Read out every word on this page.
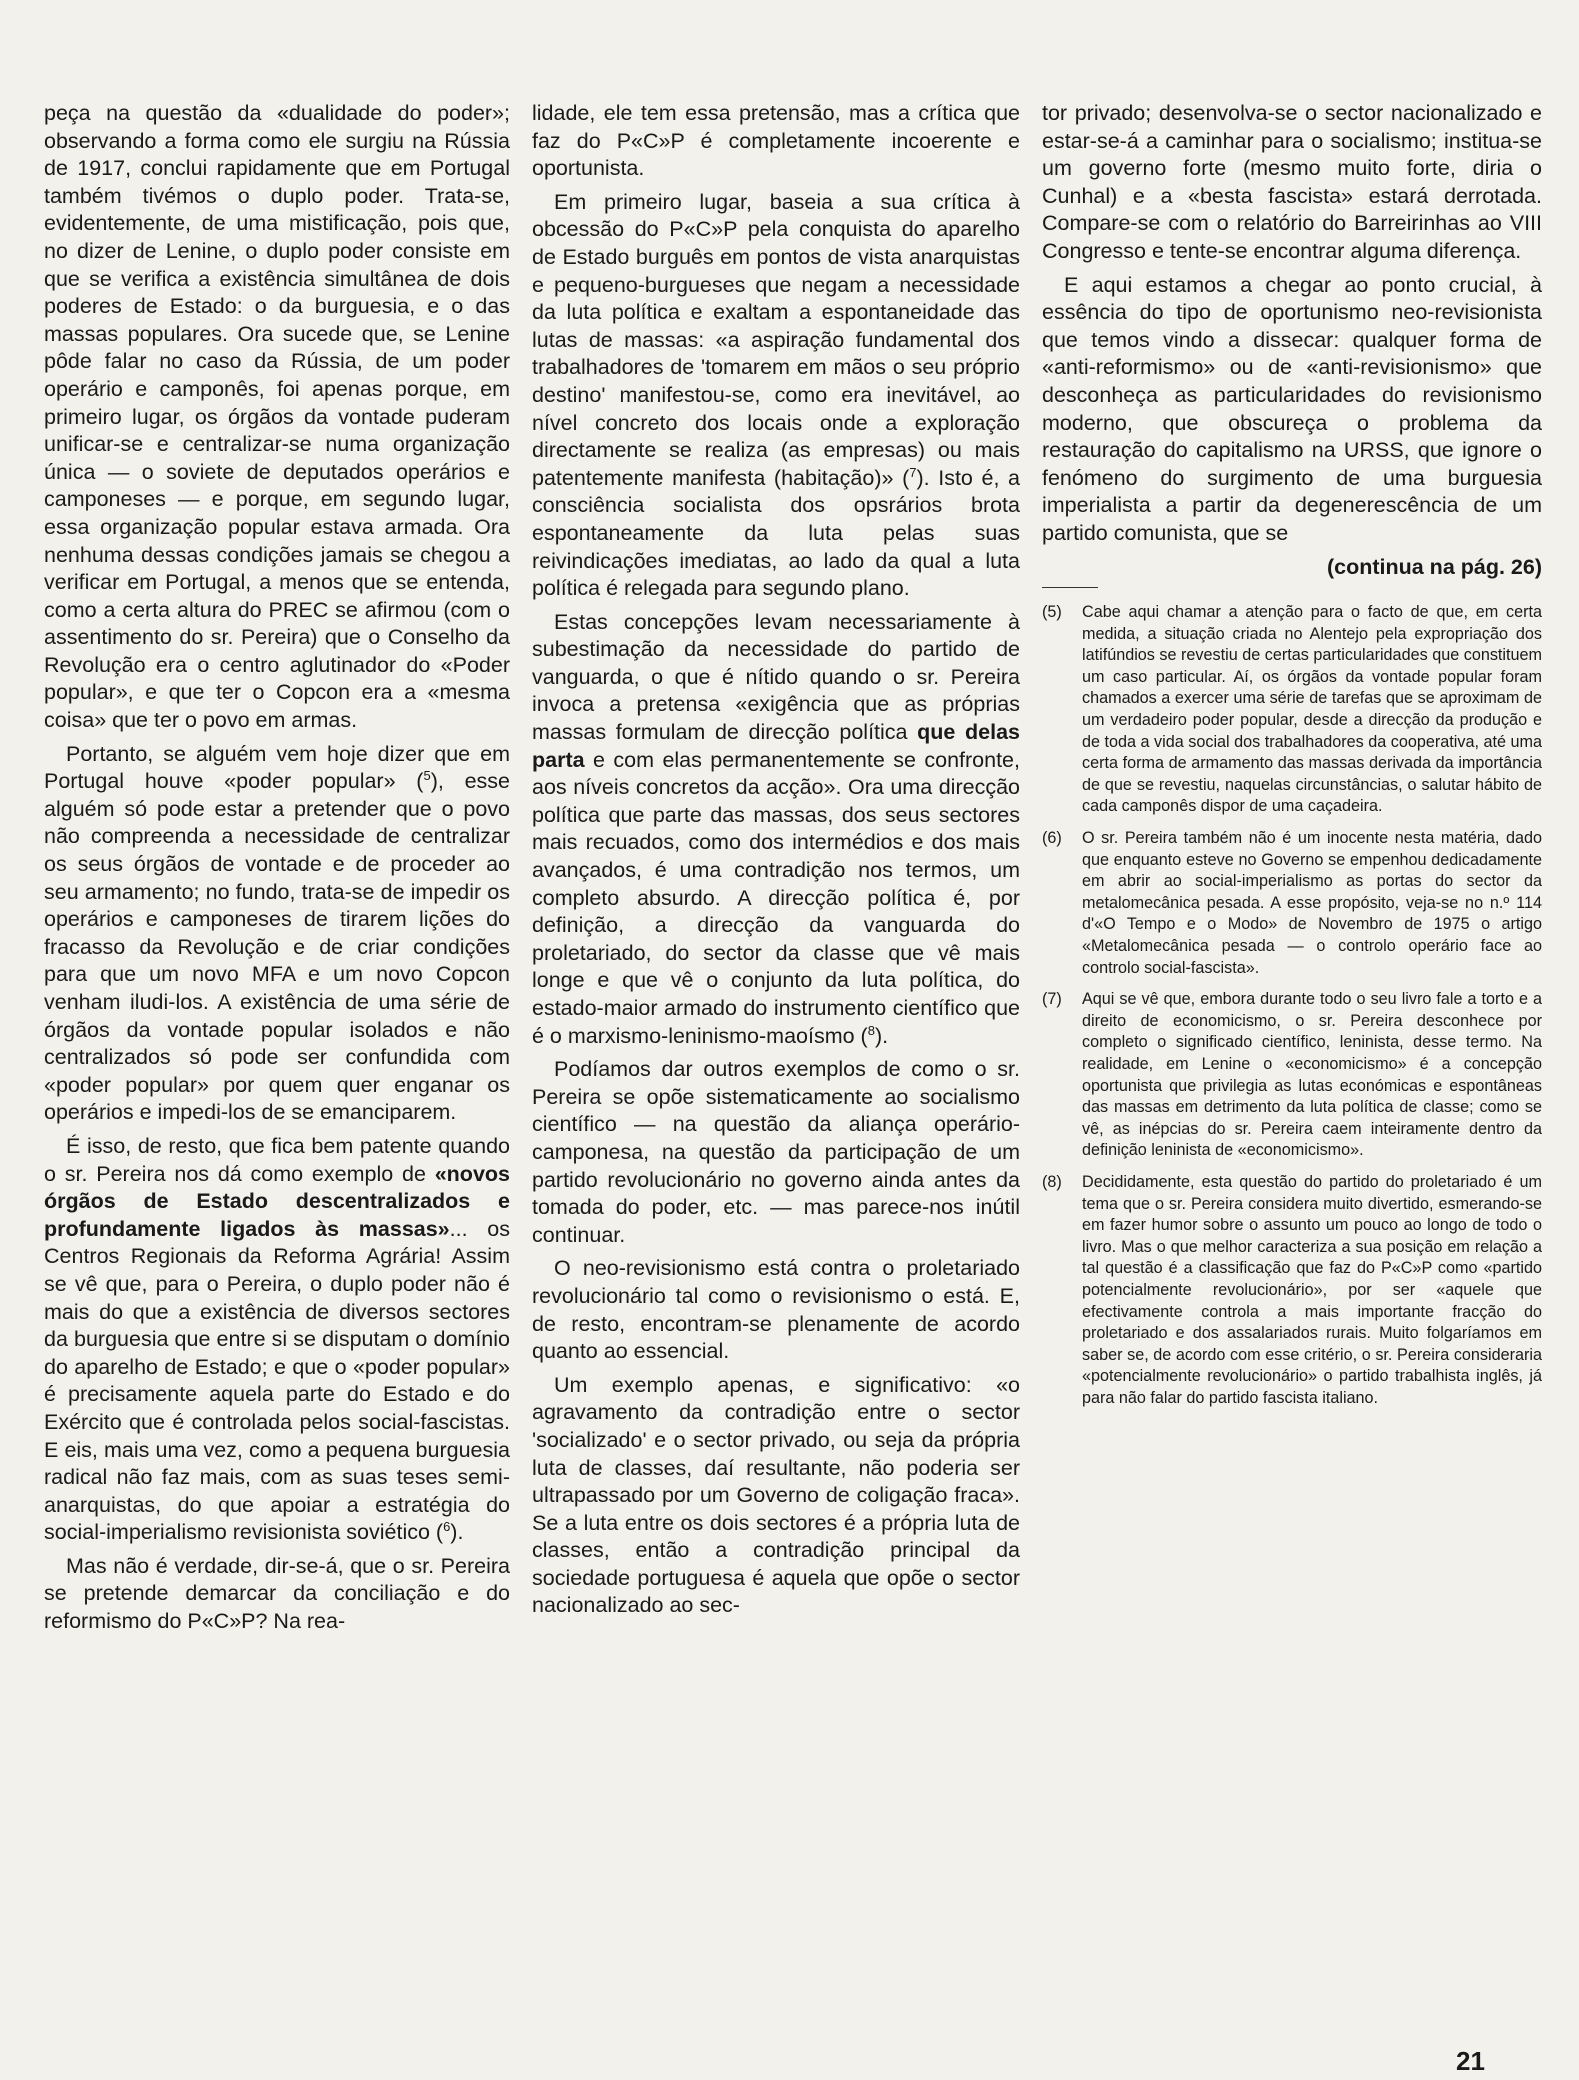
peça na questão da «dualidade do poder»; observando a forma como ele surgiu na Rússia de 1917, conclui rapidamente que em Portugal também tivémos o duplo poder. Trata-se, evidentemente, de uma mistificação, pois que, no dizer de Lenine, o duplo poder consiste em que se verifica a existência simultânea de dois poderes de Estado: o da burguesia, e o das massas populares. Ora sucede que, se Lenine pôde falar no caso da Rússia, de um poder operário e camponês, foi apenas porque, em primeiro lugar, os órgãos da vontade puderam unificar-se e centralizar-se numa organização única — o soviete de deputados operários e camponeses — e porque, em segundo lugar, essa organização popular estava armada. Ora nenhuma dessas condições jamais se chegou a verificar em Portugal, a menos que se entenda, como a certa altura do PREC se afirmou (com o assentimento do sr. Pereira) que o Conselho da Revolução era o centro aglutinador do «Poder popular», e que ter o Copcon era a «mesma coisa» que ter o povo em armas.

Portanto, se alguém vem hoje dizer que em Portugal houve «poder popular» ($^5$), esse alguém só pode estar a pretender que o povo não compreenda a necessidade de centralizar os seus órgãos de vontade e de proceder ao seu armamento; no fundo, trata-se de impedir os operários e camponeses de tirarem lições do fracasso da Revolução e de criar condições para que um novo MFA e um novo Copcon venham iludi-los. A existência de uma série de órgãos da vontade popular isolados e não centralizados só pode ser confundida com «poder popular» por quem quer enganar os operários e impedi-los de se emanciparem.

É isso, de resto, que fica bem patente quando o sr. Pereira nos dá como exemplo de «novos órgãos de Estado descentralizados e profundamente ligados às massas»... os Centros Regionais da Reforma Agrária! Assim se vê que, para o Pereira, o duplo poder não é mais do que a existência de diversos sectores da burguesia que entre si se disputam o domínio do aparelho de Estado; e que o «poder popular» é precisamente aquela parte do Estado e do Exército que é controlada pelos social-fascistas. E eis, mais uma vez, como a pequena burguesia radical não faz mais, com as suas teses semi-anarquistas, do que apoiar a estratégia do social-imperialismo revisionista soviético ($^6$).

Mas não é verdade, dir-se-á, que o sr. Pereira se pretende demarcar da conciliação e do reformismo do P«C»P? Na rea-

lidade, ele tem essa pretensão, mas a crítica que faz do P«C»P é completamente incoerente e oportunista.

Em primeiro lugar, baseia a sua crítica à obcessão do P«C»P pela conquista do aparelho de Estado burguês em pontos de vista anarquistas e pequeno-burgueses que negam a necessidade da luta política e exaltam a espontaneidade das lutas de massas: «a aspiração fundamental dos trabalhadores de 'tomarem em mãos o seu próprio destino' manifestou-se, como era inevitável, ao nível concreto dos locais onde a exploração directamente se realiza (as empresas) ou mais patentemente manifesta (habitação)» ($^7$). Isto é, a consciência socialista dos opsrários brota espontaneamente da luta pelas suas reivindicações imediatas, ao lado da qual a luta política é relegada para segundo plano.

Estas concepções levam necessariamente à subestimação da necessidade do partido de vanguarda, o que é nítido quando o sr. Pereira invoca a pretensa «exigência que as próprias massas formulam de direcção política que delas parta e com elas permanentemente se confronte, aos níveis concretos da acção». Ora uma direcção política que parte das massas, dos seus sectores mais recuados, como dos intermédios e dos mais avançados, é uma contradição nos termos, um completo absurdo. A direcção política é, por definição, a direcção da vanguarda do proletariado, do sector da classe que vê mais longe e que vê o conjunto da luta política, do estado-maior armado do instrumento científico que é o marxismo-leninismo-maoísmo ($^8$).

Podíamos dar outros exemplos de como o sr. Pereira se opõe sistematicamente ao socialismo científico — na questão da aliança operário-camponesa, na questão da participação de um partido revolucionário no governo ainda antes da tomada do poder, etc. — mas parece-nos inútil continuar.

O neo-revisionismo está contra o proletariado revolucionário tal como o revisionismo o está. E, de resto, encontram-se plenamente de acordo quanto ao essencial.

Um exemplo apenas, e significativo: «o agravamento da contradição entre o sector 'socializado' e o sector privado, ou seja da própria luta de classes, daí resultante, não poderia ser ultrapassado por um Governo de coligação fraca». Se a luta entre os dois sectores é a própria luta de classes, então a contradição principal da sociedade portuguesa é aquela que opõe o sector nacionalizado ao sec-

tor privado; desenvolva-se o sector nacionalizado e estar-se-á a caminhar para o socialismo; institua-se um governo forte (mesmo muito forte, diria o Cunhal) e a «besta fascista» estará derrotada. Compare-se com o relatório do Barreirinhas ao VIII Congresso e tente-se encontrar alguma diferença.

E aqui estamos a chegar ao ponto crucial, à essência do tipo de oportunismo neo-revisionista que temos vindo a dissecar: qualquer forma de «anti-reformismo» ou de «anti-revisionismo» que desconheça as particularidades do revisionismo moderno, que obscureça o problema da restauração do capitalismo na URSS, que ignore o fenómeno do surgimento de uma burguesia imperialista a partir da degenerescência de um partido comunista, que se

(continua na pág. 26)

(5) Cabe aqui chamar a atenção para o facto de que, em certa medida, a situação criada no Alentejo pela expropriação dos latifúndios se revestiu de certas particularidades que constituem um caso particular. Aí, os órgãos da vontade popular foram chamados a exercer uma série de tarefas que se aproximam de um verdadeiro poder popular, desde a direcção da produção e de toda a vida social dos trabalhadores da cooperativa, até uma certa forma de armamento das massas derivada da importância de que se revestiu, naquelas circunstâncias, o salutar hábito de cada camponês dispor de uma caçadeira.
(6) O sr. Pereira também não é um inocente nesta matéria, dado que enquanto esteve no Governo se empenhou dedicadamente em abrir ao social-imperialismo as portas do sector da metalomecânica pesada. A esse propósito, veja-se no n.º 114 d'«O Tempo e o Modo» de Novembro de 1975 o artigo «Metalomecânica pesada — o controlo operário face ao controlo social-fascista».
(7) Aqui se vê que, embora durante todo o seu livro fale a torto e a direito de economicismo, o sr. Pereira desconhece por completo o significado científico, leninista, desse termo. Na realidade, em Lenine o «economicismo» é a concepção oportunista que privilegia as lutas económicas e espontâneas das massas em detrimento da luta política de classe; como se vê, as inépcias do sr. Pereira caem inteiramente dentro da definição leninista de «economicismo».
(8) Decididamente, esta questão do partido do proletariado é um tema que o sr. Pereira considera muito divertido, esmerando-se em fazer humor sobre o assunto um pouco ao longo de todo o livro. Mas o que melhor caracteriza a sua posição em relação a tal questão é a classificação que faz do P«C»P como «partido potencialmente revolucionário», por ser «aquele que efectivamente controla a mais importante fracção do proletariado e dos assalariados rurais. Muito folgaríamos em saber se, de acordo com esse critério, o sr. Pereira consideraria «potencialmente revolucionário» o partido trabalhista inglês, já para não falar do partido fascista italiano.
21
